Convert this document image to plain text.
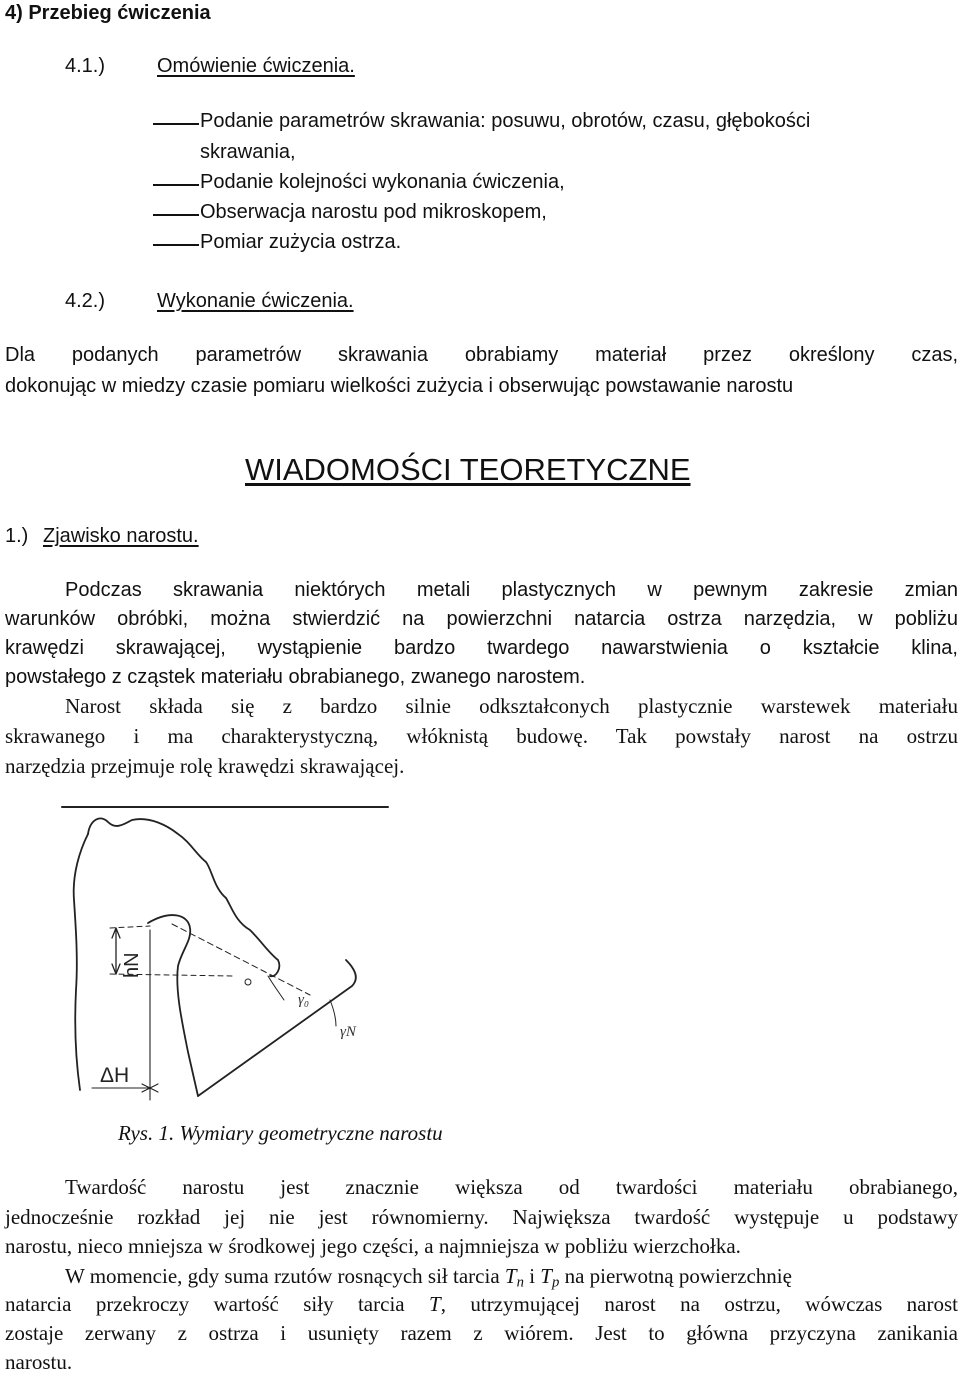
4) Przebieg ćwiczenia
4.1.)	Omówienie ćwiczenia.
Podanie parametrów skrawania: posuwu, obrotów, czasu, głębokości
skrawania,
Podanie kolejności wykonania ćwiczenia,
Obserwacja narostu pod mikroskopem,
Pomiar zużycia ostrza.
4.2.)	Wykonanie ćwiczenia.
Dla podanych parametrów skrawania obrabiamy materiał przez określony czas,
dokonując w miedzy czasie pomiaru wielkości zużycia i obserwując powstawanie narostu
WIADOMOŚCI TEORETYCZNE
1.) Zjawisko narostu.
Podczas skrawania niektórych metali plastycznych w pewnym zakresie zmian
warunków obróbki, można stwierdzić na powierzchni natarcia ostrza narzędzia, w pobliżu
krawędzi skrawającej, wystąpienie bardzo twardego nawarstwienia o kształcie klina,
powstałego z cząstek materiału obrabianego, zwanego narostem.
Narost składa się z bardzo silnie odkształconych plastycznie warstewek materiału
skrawanego i ma charakterystyczną, włóknistą budowę. Tak powstały narost na ostrzu
narzędzia przejmuje rolę krawędzi skrawającej.
hN
ΔH
γ₀
γN
Rys. 1. Wymiary geometryczne narostu
Twardość narostu jest znacznie większa od twardości materiału obrabianego,
jednocześnie rozkład jej nie jest równomierny. Największa twardość występuje u podstawy
narostu, nieco mniejsza w środkowej jego części, a najmniejsza w pobliżu wierzchołka.
W momencie, gdy suma rzutów rosnących sił tarcia $T_n$ i $T_p$ na pierwotną powierzchnię
natarcia przekroczy wartość siły tarcia T, utrzymującej narost na ostrzu, wówczas narost
zostaje zerwany z ostrza i usunięty razem z wiórem. Jest to główna przyczyna zanikania
narostu.
